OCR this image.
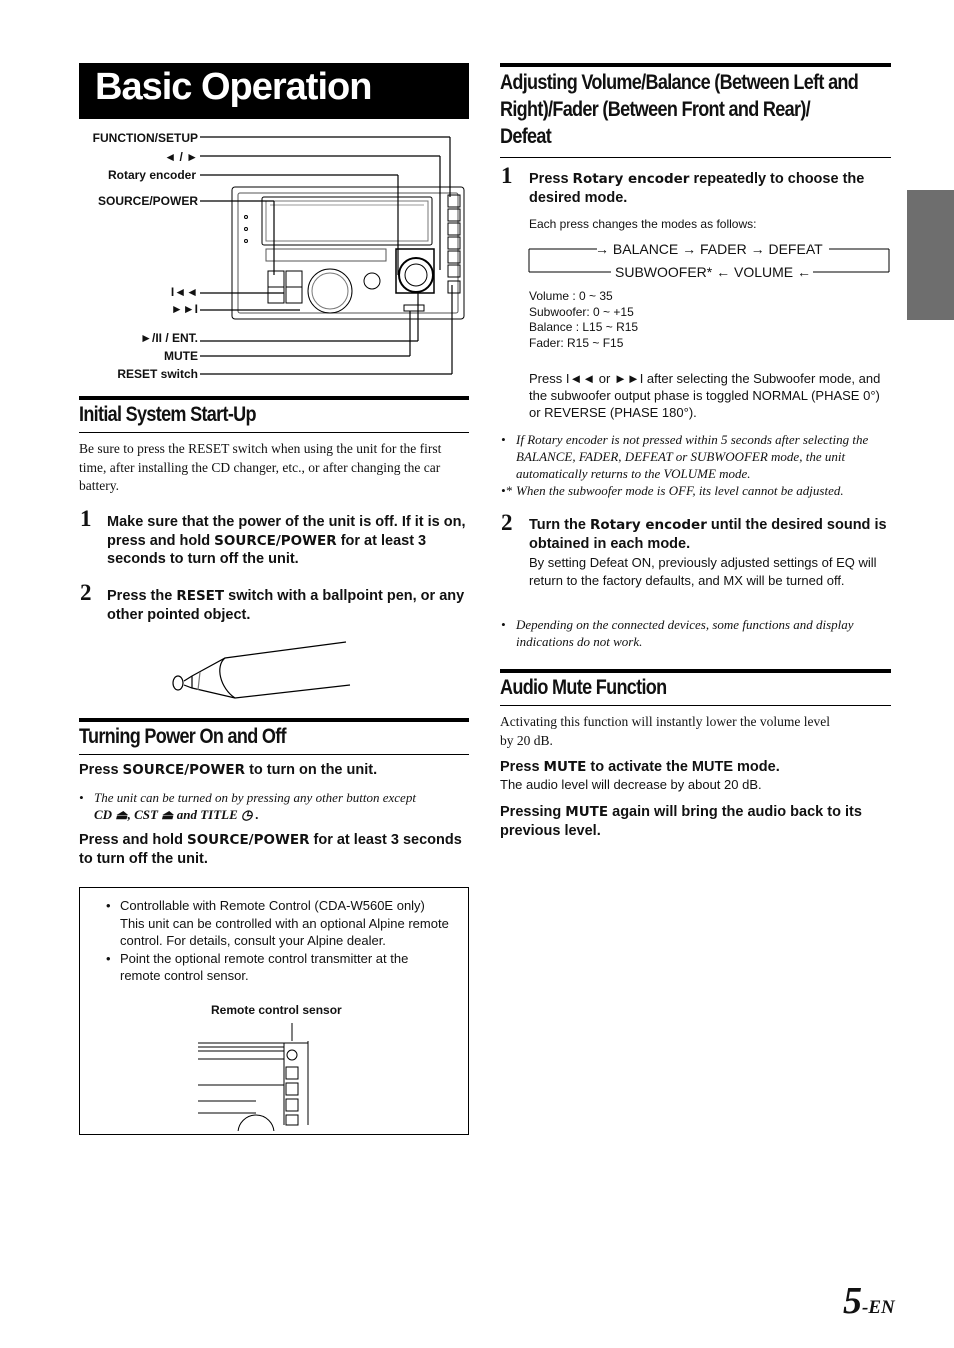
Basic Operation
FUNCTION/SETUP
◄ / ►
Rotary encoder
SOURCE/POWER
I◄◄
►►I
►/II / ENT.
MUTE
RESET switch
Initial System Start-Up
Be sure to press the RESET switch when using the unit for the first time, after installing the CD changer, etc., or after changing the car battery.
1 Make sure that the power of the unit is off. If it is on, press and hold SOURCE/POWER for at least 3 seconds to turn off the unit.
2 Press the RESET switch with a ballpoint pen, or any other pointed object.
Turning Power On and Off
Press SOURCE/POWER to turn on the unit.
• The unit can be turned on by pressing any other button except
CD ⏏, CST ⏏ and TITLE ◷ .
Press and hold SOURCE/POWER for at least 3 seconds to turn off the unit.
• Controllable with Remote Control (CDA-W560E only)
This unit can be controlled with an optional Alpine remote control. For details, consult your Alpine dealer.
• Point the optional remote control transmitter at the remote control sensor.
Remote control sensor
Adjusting Volume/Balance (Between Left and
Right)/Fader (Between Front and Rear)/
Defeat
1 Press Rotary encoder repeatedly to choose the desired mode.
Each press changes the modes as follows:
→ BALANCE → FADER → DEFEAT
SUBWOOFER* ← VOLUME ←
Volume : 0 ~ 35
Subwoofer: 0 ~ +15
Balance : L15 ~ R15
Fader: R15 ~ F15
Press I◄◄ or ►►I after selecting the Subwoofer mode, and the subwoofer output phase is toggled NORMAL (PHASE 0°) or REVERSE (PHASE 180°).
• If Rotary encoder is not pressed within 5 seconds after selecting the BALANCE, FADER, DEFEAT or SUBWOOFER mode, the unit automatically returns to the VOLUME mode.
•* When the subwoofer mode is OFF, its level cannot be adjusted.
2 Turn the Rotary encoder until the desired sound is obtained in each mode.
By setting Defeat ON, previously adjusted settings of EQ will return to the factory defaults, and MX will be turned off.
• Depending on the connected devices, some functions and display indications do not work.
Audio Mute Function
Activating this function will instantly lower the volume level by 20 dB.
Press MUTE to activate the MUTE mode.
The audio level will decrease by about 20 dB.
Pressing MUTE again will bring the audio back to its previous level.
5-EN
